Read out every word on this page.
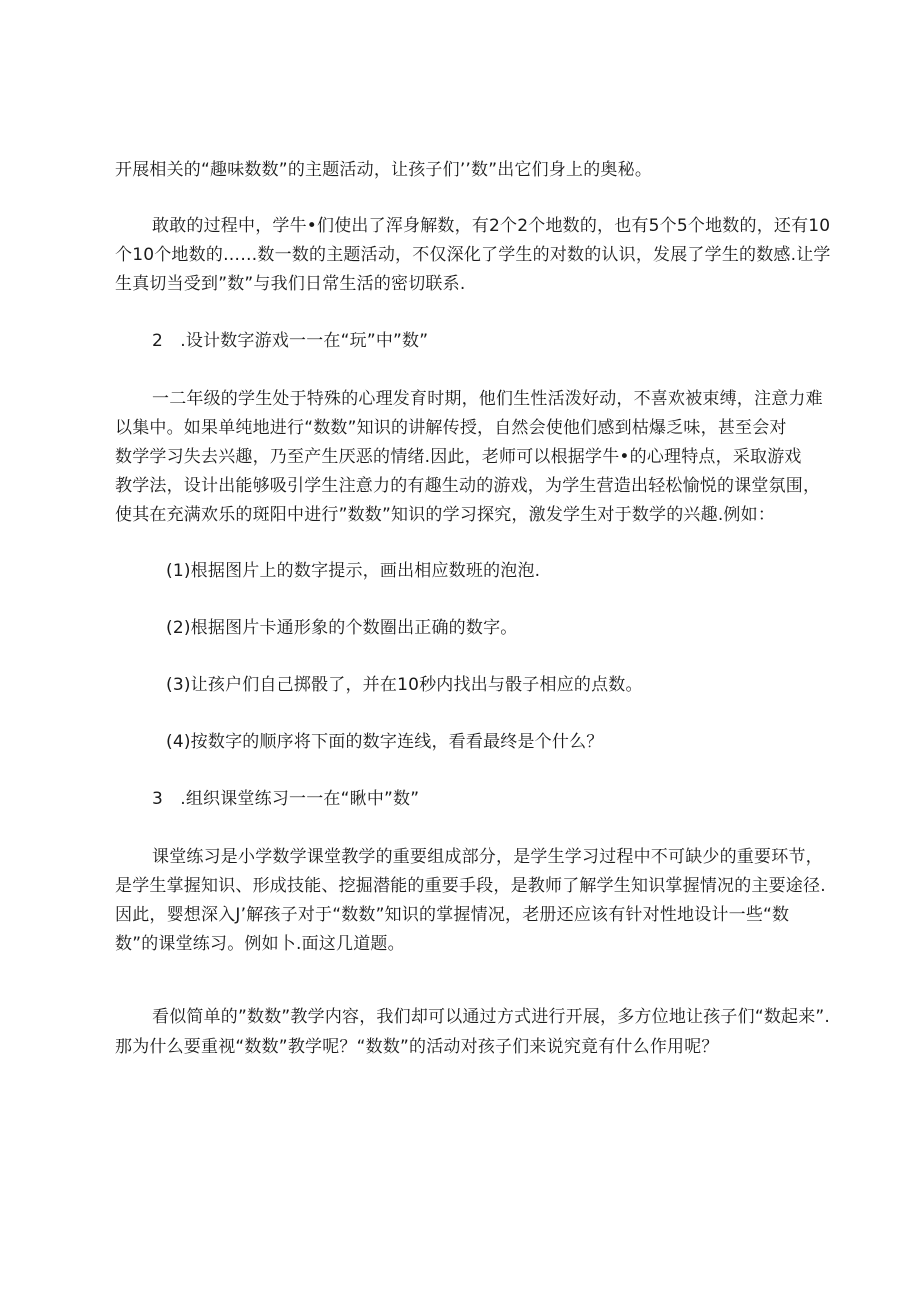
开展相关的“趣味数数”的主题活动，让孩子们’’数”出它们身上的奥秘。
敢敢的过程中，学牛•们使出了浑身解数，有2个2个地数的，也有5个5个地数的，还有10
个10个地数的……数一数的主题活动，不仅深化了学生的对数的认识，发展了学生的数感.让学
生真切当受到”数”与我们日常生活的密切联系.
2　.设计数字游戏一一在“玩”中”数”
一二年级的学生处于特殊的心理发育时期，他们生性活泼好动，不喜欢被束缚，注意力难
以集中。如果单纯地进行“数数”知识的讲解传授，自然会使他们感到枯爆乏味，甚至会对
数学学习失去兴趣，乃至产生厌恶的情绪.因此，老师可以根据学牛•的心理特点，采取游戏
教学法，设计出能够吸引学生注意力的有趣生动的游戏，为学生营造出轻松愉悦的课堂氛围，
使其在充满欢乐的斑阳中进行”数数”知识的学习探究，激发学生对于数学的兴趣.例如：
(1)根据图片上的数字提示，画出相应数班的泡泡.
(2)根据图片卡通形象的个数圈出正确的数字。
(3)让孩户们自己掷骰了，并在10秒内找出与骰子相应的点数。
(4)按数字的顺序将下面的数字连线，看看最终是个什么？
3　.组织课堂练习一一在“瞅中”数”
课堂练习是小学数学课堂教学的重要组成部分，是学生学习过程中不可缺少的重要环节，
是学生掌握知识、形成技能、挖掘潜能的重要手段，是教师了解学生知识掌握情况的主要途径.
因此，婴想深入J’解孩子对于“数数”知识的掌握情况，老册还应该有针对性地设计一些“数
数”的课堂练习。例如卜.面这几道题。
看似简单的”数数”教学内容，我们却可以通过方式进行开展，多方位地让孩子们“数起来”.
那为什么要重视“数数”教学呢？“数数”的活动对孩子们来说究竟有什么作用呢？
